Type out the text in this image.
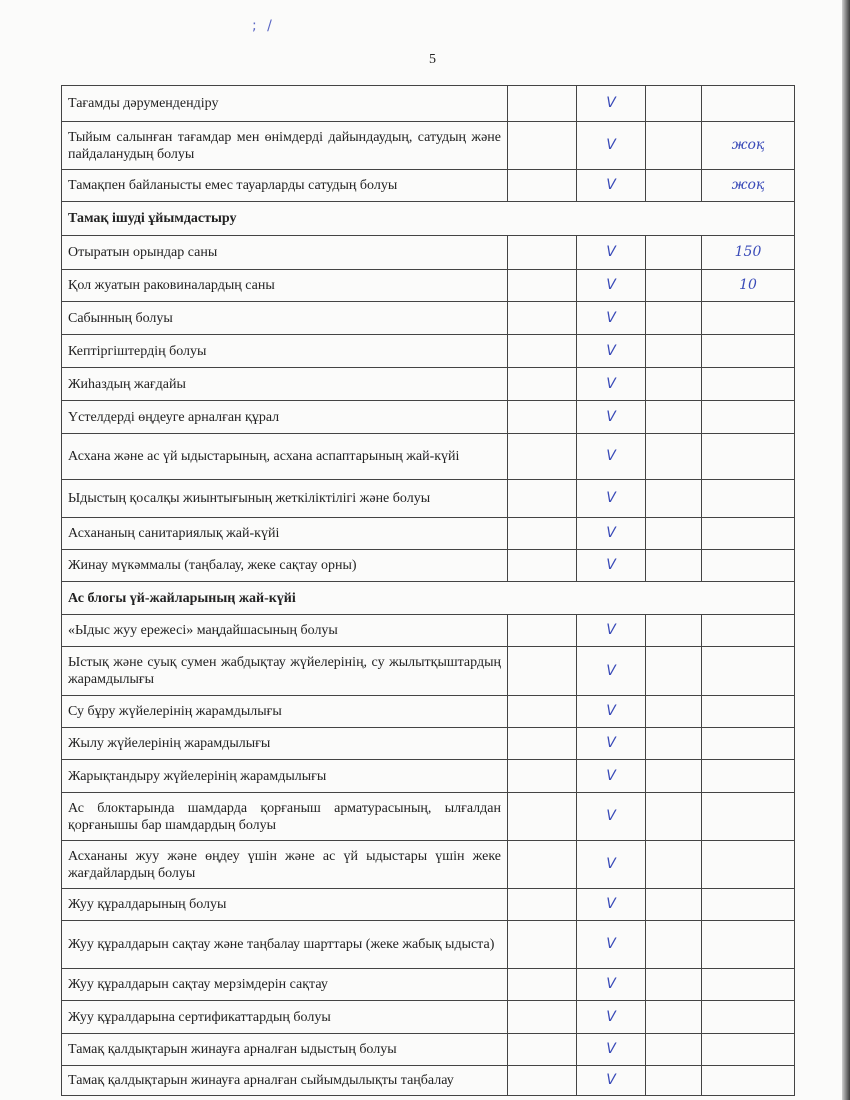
; /
5
Тағамды дәрумендендіру		V		
Тыйым салынған тағамдар мен өнімдерді дайындаудың, сатудың және пайдаланудың болуы		V		жоқ
Тамақпен байланысты емес тауарларды сатудың болуы		V		жоқ
Тамақ ішуді ұйымдастыру				
Отыратын орындар саны		V		150
Қол жуатын раковиналардың саны		V		10
Сабынның болуы		V		
Кептіргіштердің болуы		V		
Жиһаздың жағдайы		V		
Үстелдерді өңдеуге арналған құрал		V		
Асхана және ас үй ыдыстарының, асхана аспаптарының жай-күйі		V		
Ыдыстың қосалқы жиынтығының жеткіліктілігі және болуы		V		
Асхананың санитариялық жай-күйі		V		
Жинау мүкәммалы (таңбалау, жеке сақтау орны)		V		
Ас блогы үй-жайларының жай-күйі				
«Ыдыс жуу ережесі» маңдайшасының болуы		V		
Ыстық және суық сумен жабдықтау жүйелерінің, су жылытқыштардың жарамдылығы		V		
Су бұру жүйелерінің жарамдылығы		V		
Жылу жүйелерінің жарамдылығы		V		
Жарықтандыру жүйелерінің жарамдылығы		V		
Ас блоктарында шамдарда қорғаныш арматурасының, ылғалдан қорғанышы бар шамдардың болуы		V		
Асхананы жуу және өңдеу үшін және ас үй ыдыстары үшін жеке жағдайлардың болуы		V		
Жуу құралдарының болуы		V		
Жуу құралдарын сақтау және таңбалау шарттары (жеке жабық ыдыста)		V		
Жуу құралдарын сақтау мерзімдерін сақтау		V		
Жуу құралдарына сертификаттардың болуы		V		
Тамақ қалдықтарын жинауға арналған ыдыстың болуы		V		
Тамақ қалдықтарын жинауға арналған сыйымдылықты таңбалау		V		
